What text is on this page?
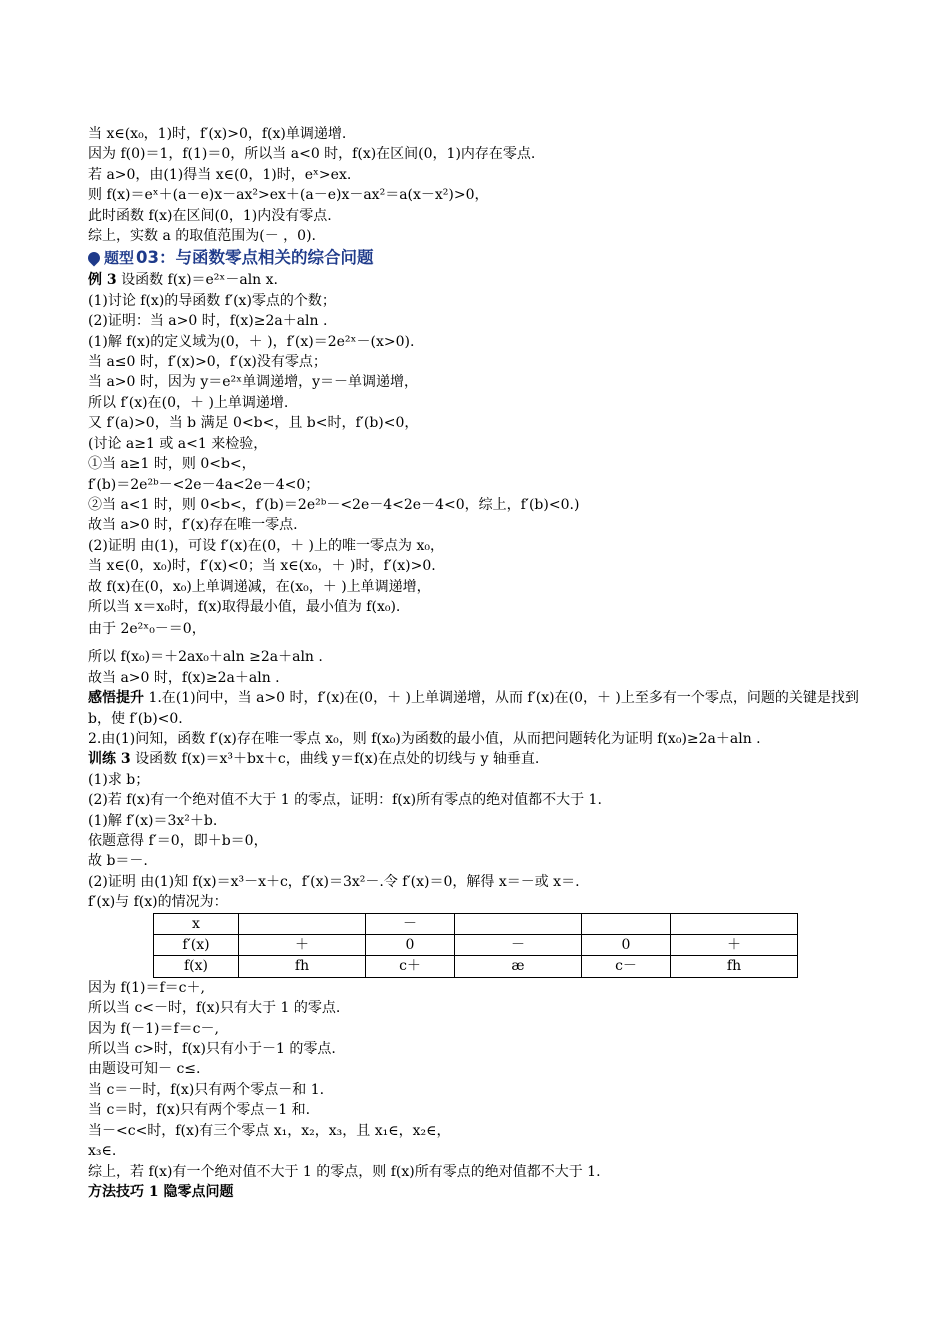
当 x∈(x₀，1)时，f′(x)>0，f(x)单调递增.
因为 f(0)＝1，f(1)＝0，所以当 a<0 时，f(x)在区间(0，1)内存在零点.
若 a>0，由(1)得当 x∈(0，1)时，eˣ>ex.
则 f(x)＝eˣ＋(a－e)x－ax²>ex＋(a－e)x－ax²＝a(x－x²)>0，
此时函数 f(x)在区间(0，1)内没有零点.
综上，实数 a 的取值范围为(－ ，0).
题型 03：与函数零点相关的综合问题
例 3 设函数 f(x)＝e²ˣ－aln x.
(1)讨论 f(x)的导函数 f′(x)零点的个数；
(2)证明：当 a>0 时，f(x)≥2a＋aln .
(1)解 f(x)的定义域为(0，＋ )，f′(x)＝2e²ˣ－(x>0).
当 a≤0 时，f′(x)>0，f′(x)没有零点；
当 a>0 时，因为 y＝e²ˣ单调递增，y＝－单调递增，
所以 f′(x)在(0，＋ )上单调递增.
又 f′(a)>0，当 b 满足 0<b<，且 b<时，f′(b)<0，
(讨论 a≥1 或 a<1 来检验，
①当 a≥1 时，则 0<b<，
f′(b)＝2e²ᵇ－<2e－4a<2e－4<0；
②当 a<1 时，则 0<b<，f′(b)＝2e²ᵇ－<2e－4<2e－4<0，综上，f′(b)<0.)
故当 a>0 时，f′(x)存在唯一零点.
(2)证明 由(1)，可设 f′(x)在(0，＋ )上的唯一零点为 x₀，
当 x∈(0，x₀)时，f′(x)<0；当 x∈(x₀，＋ )时，f′(x)>0.
故 f(x)在(0，x₀)上单调递减，在(x₀，＋ )上单调递增，
所以当 x＝x₀时，f(x)取得最小值，最小值为 f(x₀).
由于 2e²ˣ₀－＝0，
所以 f(x₀)＝＋2ax₀＋aln ≥2a＋aln .
故当 a>0 时，f(x)≥2a＋aln .
感悟提升 1.在(1)问中，当 a>0 时，f′(x)在(0，＋ )上单调递增，从而 f′(x)在(0，＋ )上至多有一个零点，问题的关键是找到 b，使 f′(b)<0.
2.由(1)问知，函数 f′(x)存在唯一零点 x₀，则 f(x₀)为函数的最小值，从而把问题转化为证明 f(x₀)≥2a＋aln .
训练 3 设函数 f(x)＝x³＋bx＋c，曲线 y＝f(x)在点处的切线与 y 轴垂直.
(1)求 b；
(2)若 f(x)有一个绝对值不大于 1 的零点，证明：f(x)所有零点的绝对值都不大于 1.
(1)解 f′(x)＝3x²＋b.
依题意得 f′＝0，即＋b＝0，
故 b＝－.
(2)证明 由(1)知 f(x)＝x³－x＋c，f′(x)＝3x²－.令 f′(x)＝0，解得 x＝－或 x＝.
f′(x)与 f(x)的情况为：
x		－			
f′(x)	＋	0	－	0	＋
f(x)	fh	c＋	æ	c－	fh
因为 f(1)＝f＝c＋,
所以当 c<－时，f(x)只有大于 1 的零点.
因为 f(－1)＝f＝c－,
所以当 c>时，f(x)只有小于－1 的零点.
由题设可知－ c≤.
当 c＝－时，f(x)只有两个零点－和 1.
当 c＝时，f(x)只有两个零点－1 和.
当－<c<时，f(x)有三个零点 x₁，x₂，x₃，且 x₁∈，x₂∈，
x₃∈.
综上，若 f(x)有一个绝对值不大于 1 的零点，则 f(x)所有零点的绝对值都不大于 1.
方法技巧 1 隐零点问题
